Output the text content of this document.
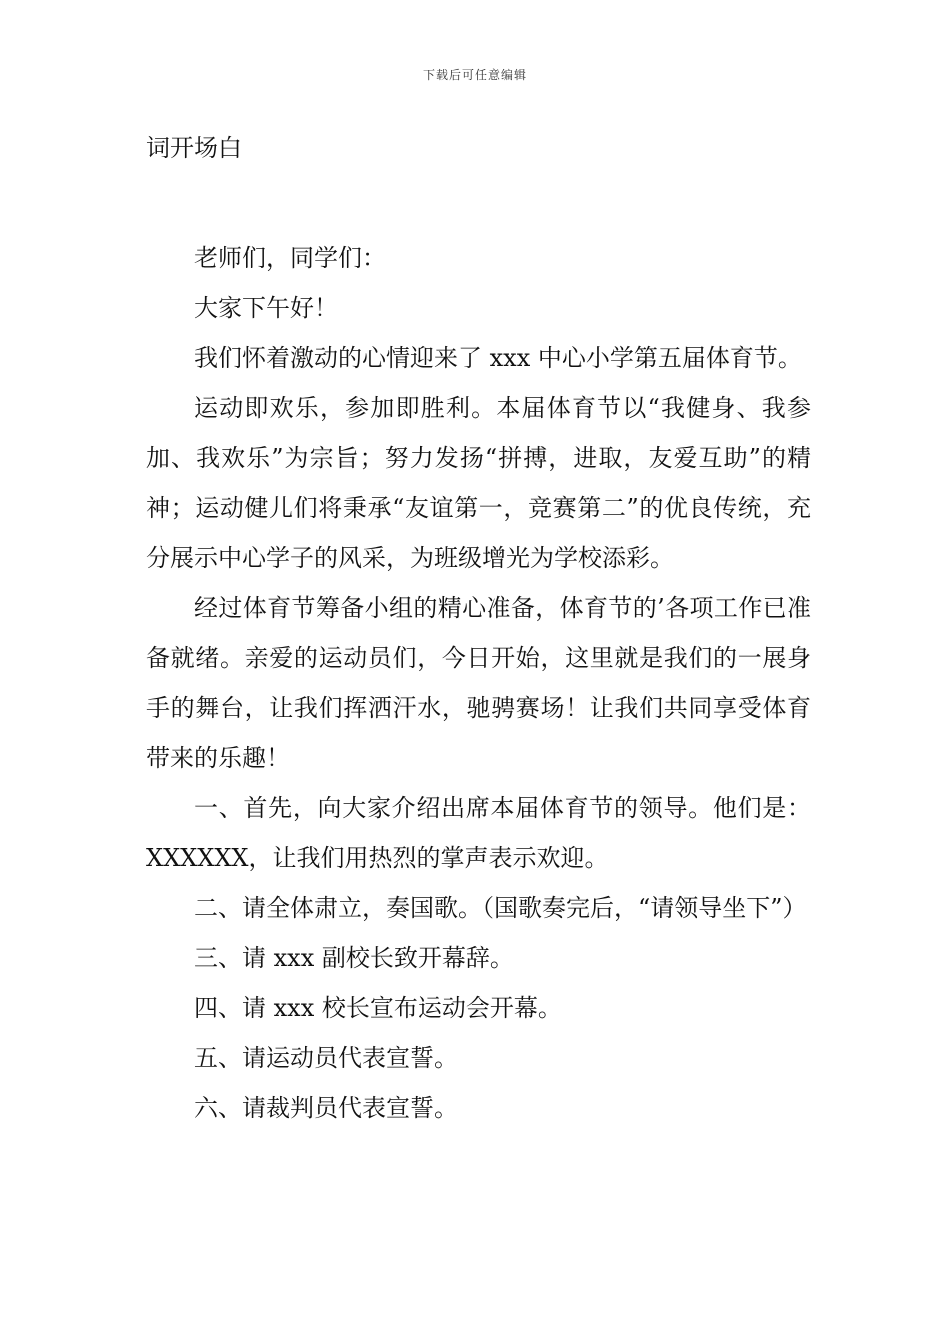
下载后可任意编辑
词开场白

老师们，同学们：

大家下午好！

我们怀着激动的心情迎来了 xxx 中心小学第五届体育节。

运动即欢乐，参加即胜利。本届体育节以“我健身、我参加、我欢乐”为宗旨；努力发扬“拼搏，进取，友爱互助”的精神；运动健儿们将秉承“友谊第一，竞赛第二”的优良传统，充分展示中心学子的风采，为班级增光为学校添彩。

经过体育节筹备小组的精心准备，体育节的’各项工作已准备就绪。亲爱的运动员们，今日开始，这里就是我们的一展身手的舞台，让我们挥洒汗水，驰骋赛场！让我们共同享受体育带来的乐趣！

一、首先，向大家介绍出席本届体育节的领导。他们是：XXXXXX，让我们用热烈的掌声表示欢迎。

二、请全体肃立，奏国歌。（国歌奏完后，“请领导坐下”）

三、请 xxx 副校长致开幕辞。

四、请 xxx 校长宣布运动会开幕。

五、请运动员代表宣誓。

六、请裁判员代表宣誓。
